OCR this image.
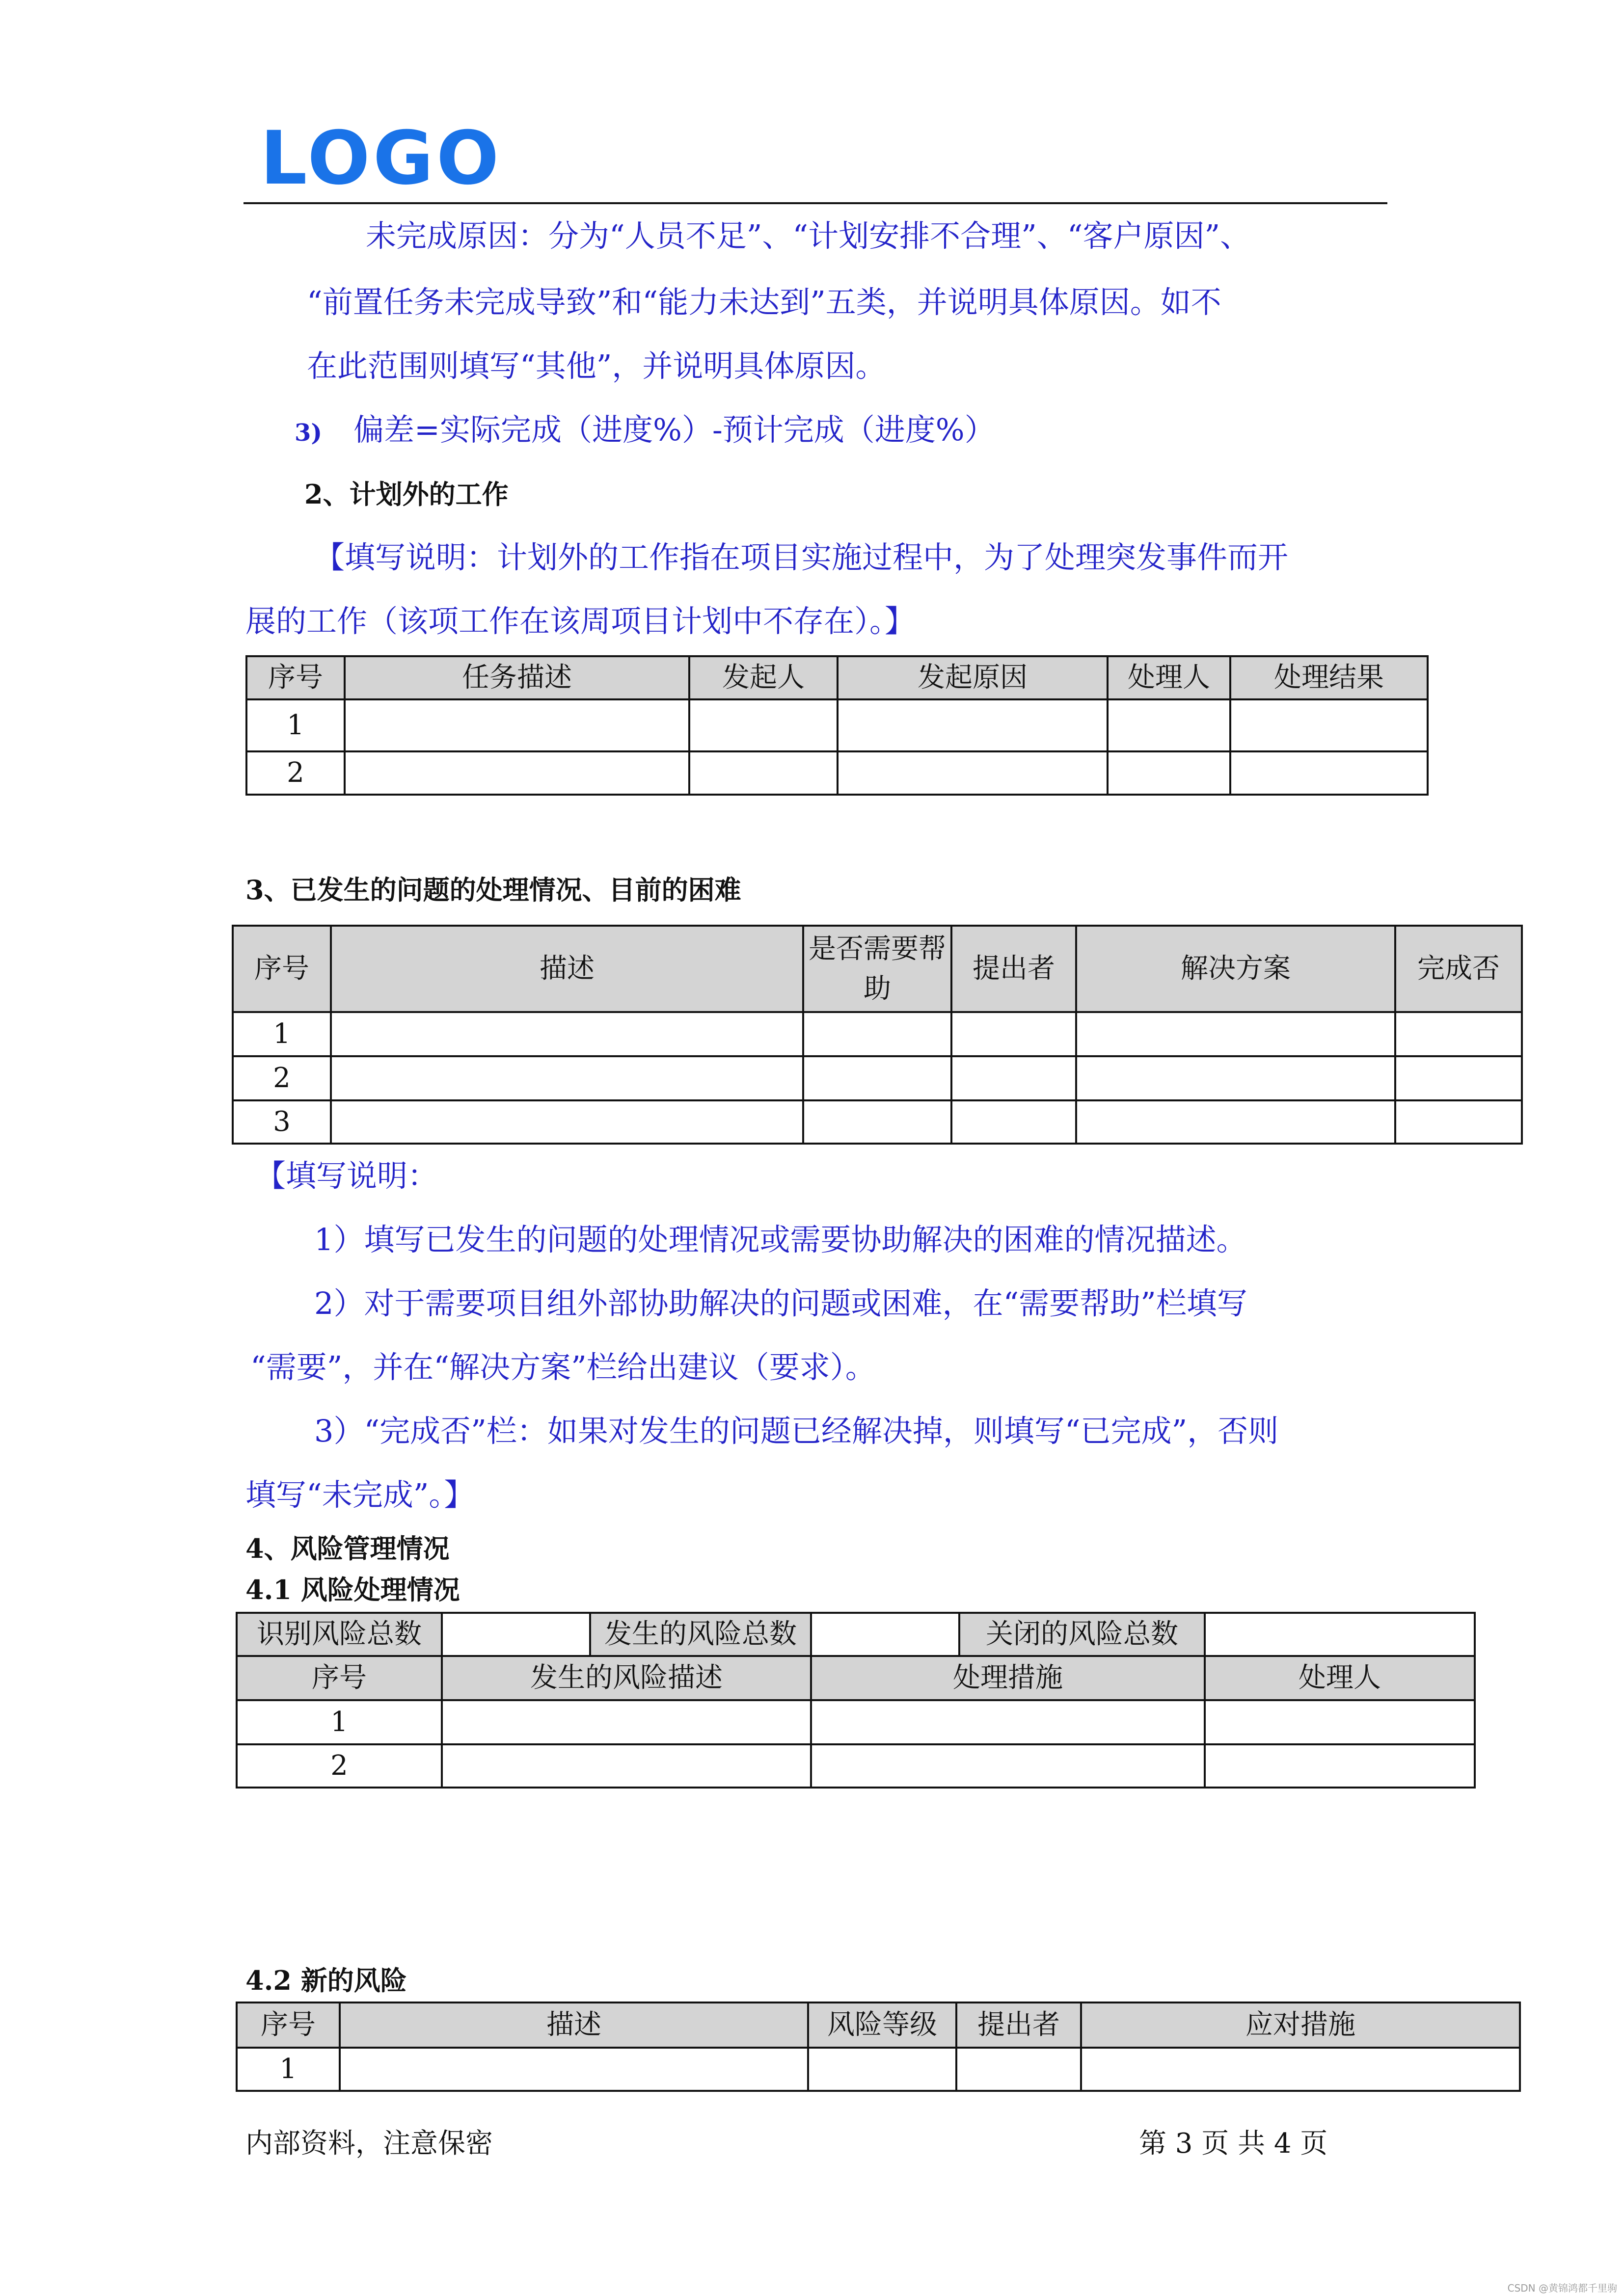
LOGO
未完成原因：分为“人员不足”、“计划安排不合理”、“客户原因”、
“前置任务未完成导致”和“能力未达到”五类，并说明具体原因。如不
在此范围则填写“其他”，并说明具体原因。
3) 偏差=实际完成（进度%）-预计完成（进度%）
2、计划外的工作
【填写说明：计划外的工作指在项目实施过程中，为了处理突发事件而开
展的工作（该项工作在该周项目计划中不存在）。】
序号	任务描述	发起人	发起原因	处理人	处理结果
1					
2					
3、已发生的问题的处理情况、目前的困难
序号	描述	是否需要帮助	提出者	解决方案	完成否
1					
2					
3					
【填写说明：
1）填写已发生的问题的处理情况或需要协助解决的困难的情况描述。
2）对于需要项目组外部协助解决的问题或困难，在“需要帮助”栏填写
“需要”，并在“解决方案”栏给出建议（要求）。
3）“完成否”栏：如果对发生的问题已经解决掉，则填写“已完成”，否则
填写“未完成”。】
4、风险管理情况
4.1 风险处理情况
识别风险总数		发生的风险总数		关闭的风险总数	
序号	发生的风险描述		处理措施		处理人
1					
2					
4.2 新的风险
序号	描述	风险等级	提出者	应对措施
1				
内部资料，注意保密	第 3 页 共 4 页
CSDN @黄锦鸿都千里驹
